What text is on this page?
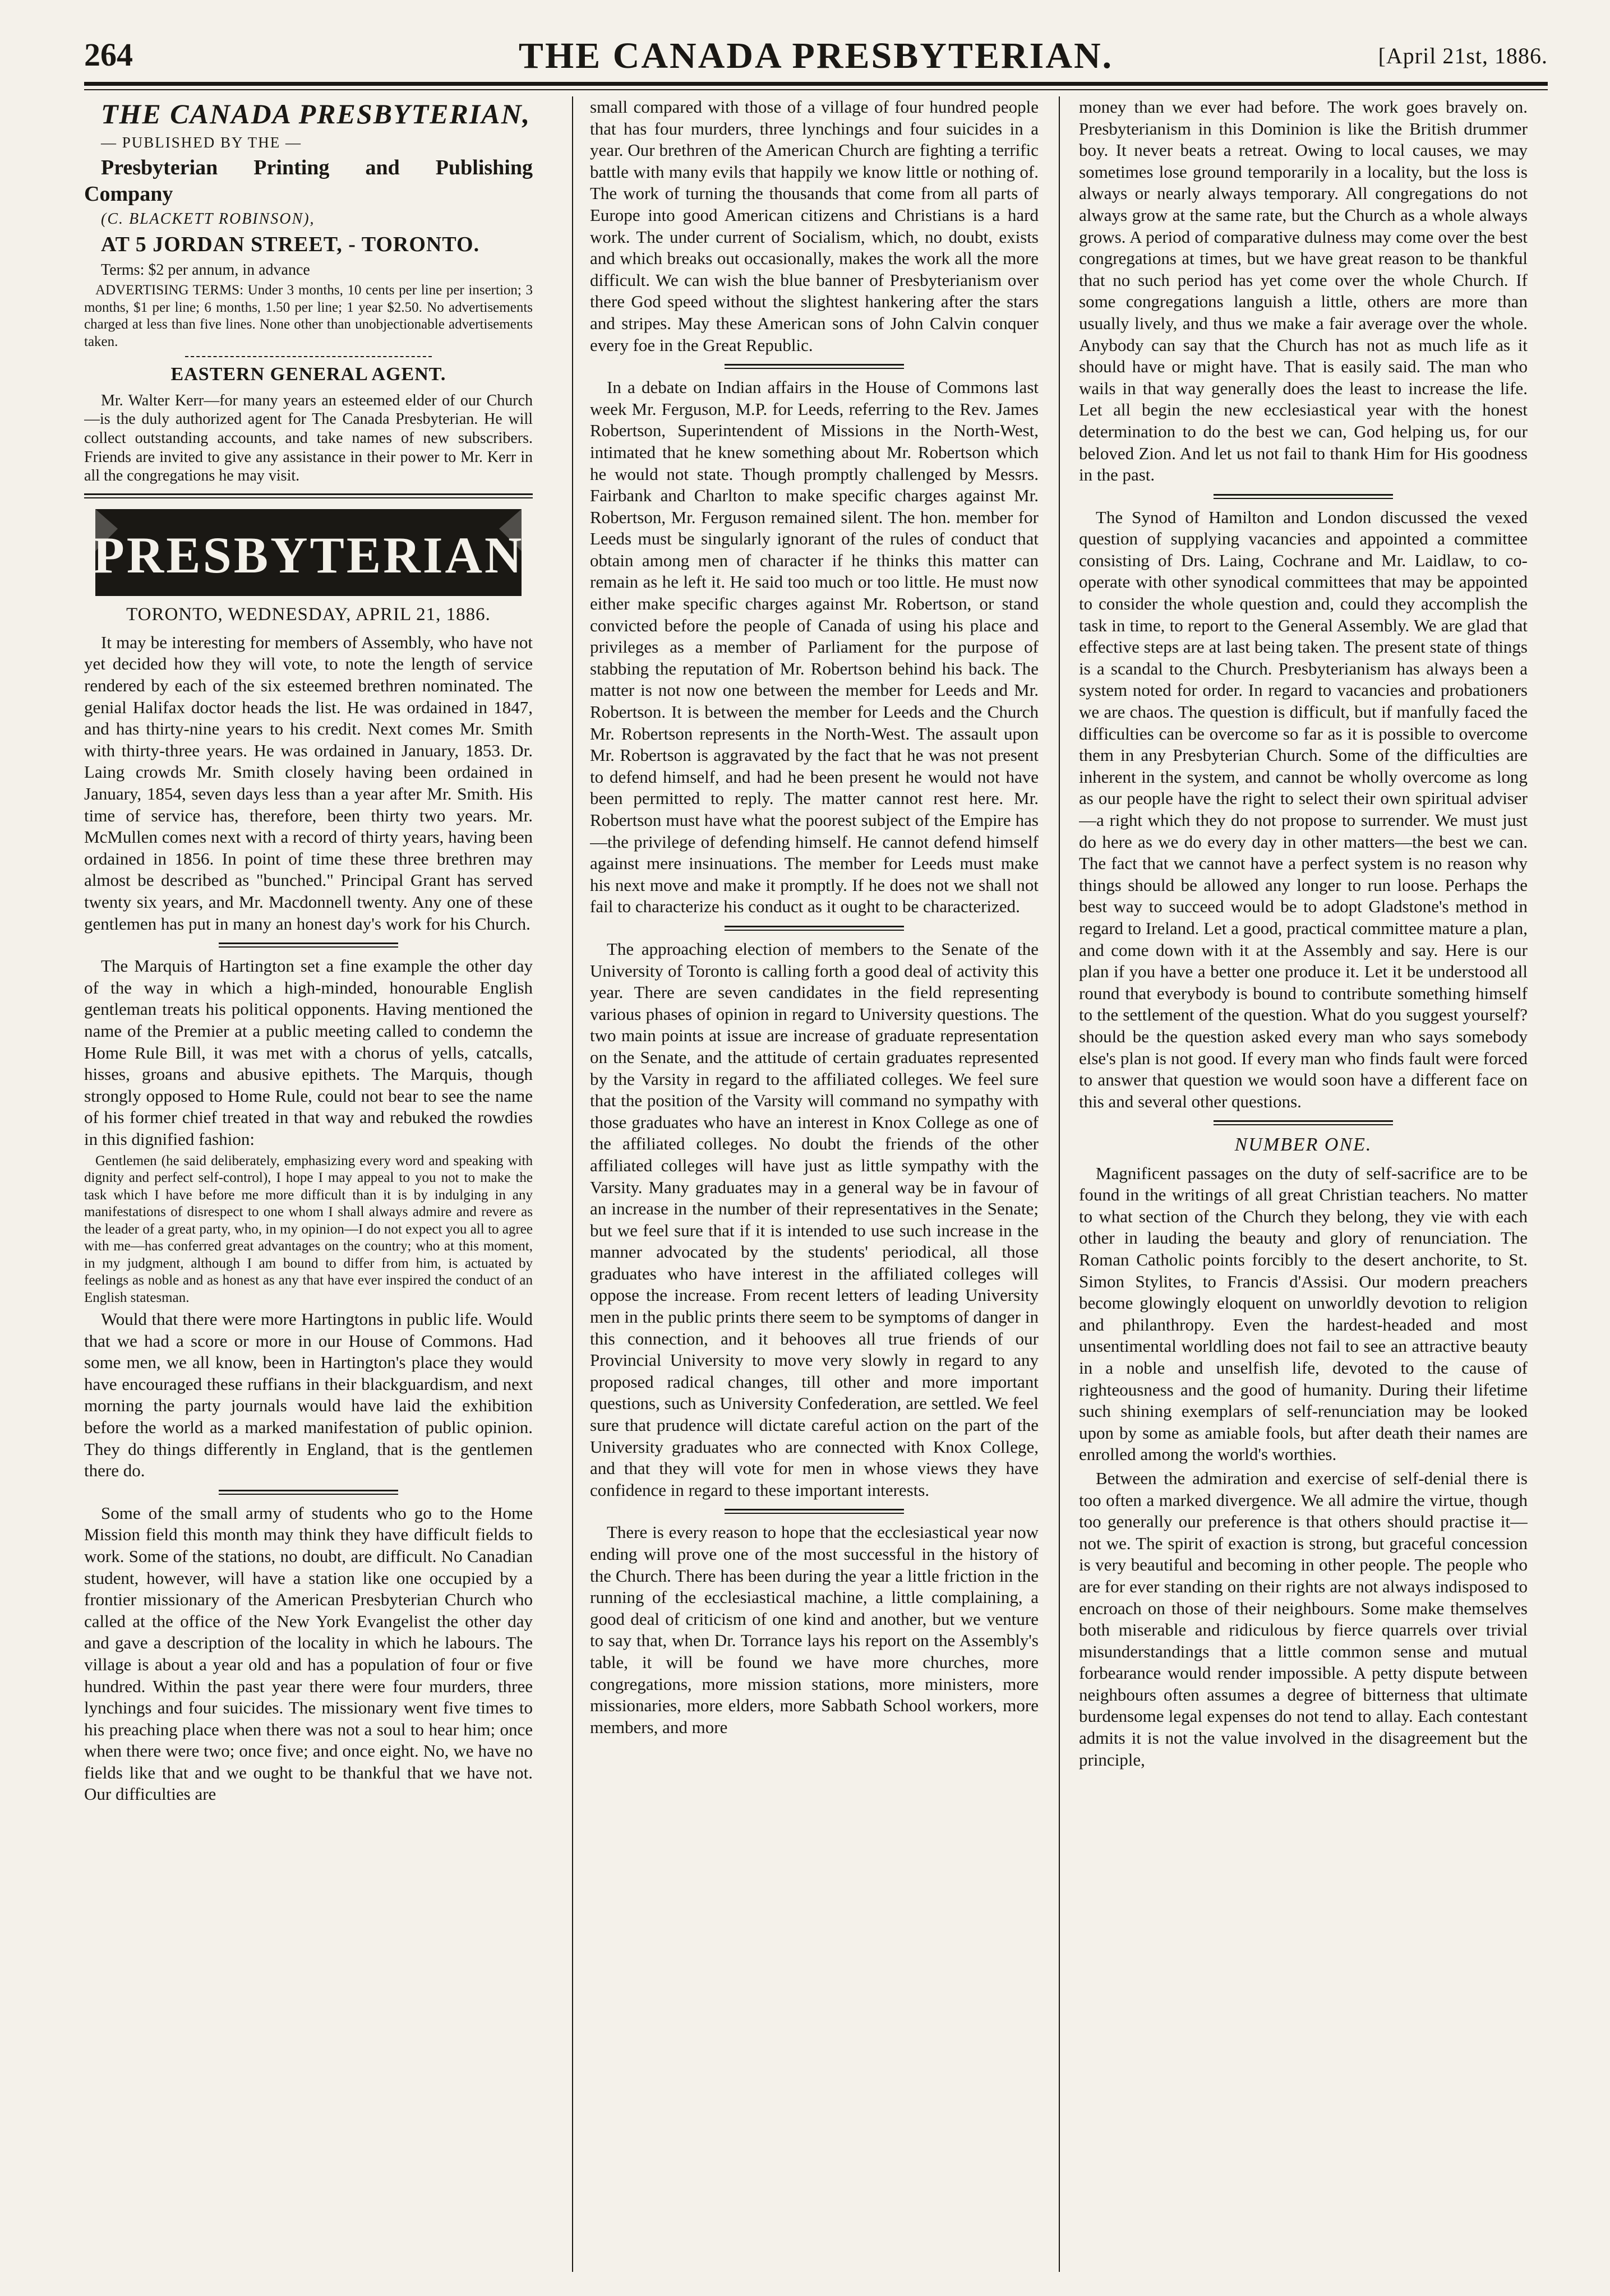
264	THE CANADA PRESBYTERIAN.	[April 21st, 1886.

THE CANADA PRESBYTERIAN,

— PUBLISHED BY THE —

Presbyterian Printing and Publishing Company

(C. BLACKETT ROBINSON),

AT 5 JORDAN STREET, - TORONTO.

Terms: $2 per annum, in advance

ADVERTISING TERMS: Under 3 months, 10 cents per line per insertion; 3 months, $1 per line; 6 months, 1.50 per line; 1 year $2.50. No advertisements charged at less than five lines. None other than unobjectionable advertisements taken.

EASTERN GENERAL AGENT.

Mr. Walter Kerr—for many years an esteemed elder of our Church—is the duly authorized agent for The Canada Presbyterian. He will collect outstanding accounts, and take names of new subscribers. Friends are invited to give any assistance in their power to Mr. Kerr in all the congregations he may visit.

PRESBYTERIAN
TORONTO, WEDNESDAY, APRIL 21, 1886.

It may be interesting for members of Assembly, who have not yet decided how they will vote, to note the length of service rendered by each of the six esteemed brethren nominated. The genial Halifax doctor heads the list. He was ordained in 1847, and has thirty-nine years to his credit. Next comes Mr. Smith with thirty-three years. He was ordained in January, 1853. Dr. Laing crowds Mr. Smith closely having been ordained in January, 1854, seven days less than a year after Mr. Smith. His time of service has, therefore, been thirty two years. Mr. McMullen comes next with a record of thirty years, having been ordained in 1856. In point of time these three brethren may almost be described as "bunched." Principal Grant has served twenty six years, and Mr. Macdonnell twenty. Any one of these gentlemen has put in many an honest day's work for his Church.

The Marquis of Hartington set a fine example the other day of the way in which a high-minded, honourable English gentleman treats his political opponents. Having mentioned the name of the Premier at a public meeting called to condemn the Home Rule Bill, it was met with a chorus of yells, catcalls, hisses, groans and abusive epithets. The Marquis, though strongly opposed to Home Rule, could not bear to see the name of his former chief treated in that way and rebuked the rowdies in this dignified fashion:

Gentlemen (he said deliberately, emphasizing every word and speaking with dignity and perfect self-control), I hope I may appeal to you not to make the task which I have before me more difficult than it is by indulging in any manifestations of disrespect to one whom I shall always admire and revere as the leader of a great party, who, in my opinion—I do not expect you all to agree with me—has conferred great advantages on the country; who at this moment, in my judgment, although I am bound to differ from him, is actuated by feelings as noble and as honest as any that have ever inspired the conduct of an English statesman.

Would that there were more Hartingtons in public life. Would that we had a score or more in our House of Commons. Had some men, we all know, been in Hartington's place they would have encouraged these ruffians in their blackguardism, and next morning the party journals would have laid the exhibition before the world as a marked manifestation of public opinion. They do things differently in England, that is the gentlemen there do.

Some of the small army of students who go to the Home Mission field this month may think they have difficult fields to work. Some of the stations, no doubt, are difficult. No Canadian student, however, will have a station like one occupied by a frontier missionary of the American Presbyterian Church who called at the office of the New York Evangelist the other day and gave a description of the locality in which he labours. The village is about a year old and has a population of four or five hundred. Within the past year there were four murders, three lynchings and four suicides. The missionary went five times to his preaching place when there was not a soul to hear him; once when there were two; once five; and once eight. No, we have no fields like that and we ought to be thankful that we have not. Our difficulties are

small compared with those of a village of four hundred people that has four murders, three lynchings and four suicides in a year. Our brethren of the American Church are fighting a terrific battle with many evils that happily we know little or nothing of. The work of turning the thousands that come from all parts of Europe into good American citizens and Christians is a hard work. The under current of Socialism, which, no doubt, exists and which breaks out occasionally, makes the work all the more difficult. We can wish the blue banner of Presbyterianism over there God speed without the slightest hankering after the stars and stripes. May these American sons of John Calvin conquer every foe in the Great Republic.

In a debate on Indian affairs in the House of Commons last week Mr. Ferguson, M.P. for Leeds, referring to the Rev. James Robertson, Superintendent of Missions in the North-West, intimated that he knew something about Mr. Robertson which he would not state. Though promptly challenged by Messrs. Fairbank and Charlton to make specific charges against Mr. Robertson, Mr. Ferguson remained silent. The hon. member for Leeds must be singularly ignorant of the rules of conduct that obtain among men of character if he thinks this matter can remain as he left it. He said too much or too little. He must now either make specific charges against Mr. Robertson, or stand convicted before the people of Canada of using his place and privileges as a member of Parliament for the purpose of stabbing the reputation of Mr. Robertson behind his back. The matter is not now one between the member for Leeds and Mr. Robertson. It is between the member for Leeds and the Church Mr. Robertson represents in the North-West. The assault upon Mr. Robertson is aggravated by the fact that he was not present to defend himself, and had he been present he would not have been permitted to reply. The matter cannot rest here. Mr. Robertson must have what the poorest subject of the Empire has—the privilege of defending himself. He cannot defend himself against mere insinuations. The member for Leeds must make his next move and make it promptly. If he does not we shall not fail to characterize his conduct as it ought to be characterized.

The approaching election of members to the Senate of the University of Toronto is calling forth a good deal of activity this year. There are seven candidates in the field representing various phases of opinion in regard to University questions. The two main points at issue are increase of graduate representation on the Senate, and the attitude of certain graduates represented by the Varsity in regard to the affiliated colleges. We feel sure that the position of the Varsity will command no sympathy with those graduates who have an interest in Knox College as one of the affiliated colleges. No doubt the friends of the other affiliated colleges will have just as little sympathy with the Varsity. Many graduates may in a general way be in favour of an increase in the number of their representatives in the Senate; but we feel sure that if it is intended to use such increase in the manner advocated by the students' periodical, all those graduates who have interest in the affiliated colleges will oppose the increase. From recent letters of leading University men in the public prints there seem to be symptoms of danger in this connection, and it behooves all true friends of our Provincial University to move very slowly in regard to any proposed radical changes, till other and more important questions, such as University Confederation, are settled. We feel sure that prudence will dictate careful action on the part of the University graduates who are connected with Knox College, and that they will vote for men in whose views they have confidence in regard to these important interests.

There is every reason to hope that the ecclesiastical year now ending will prove one of the most successful in the history of the Church. There has been during the year a little friction in the running of the ecclesiastical machine, a little complaining, a good deal of criticism of one kind and another, but we venture to say that, when Dr. Torrance lays his report on the Assembly's table, it will be found we have more churches, more congregations, more mission stations, more ministers, more missionaries, more elders, more Sabbath School workers, more members, and more

money than we ever had before. The work goes bravely on. Presbyterianism in this Dominion is like the British drummer boy. It never beats a retreat. Owing to local causes, we may sometimes lose ground temporarily in a locality, but the loss is always or nearly always temporary. All congregations do not always grow at the same rate, but the Church as a whole always grows. A period of comparative dulness may come over the best congregations at times, but we have great reason to be thankful that no such period has yet come over the whole Church. If some congregations languish a little, others are more than usually lively, and thus we make a fair average over the whole. Anybody can say that the Church has not as much life as it should have or might have. That is easily said. The man who wails in that way generally does the least to increase the life. Let all begin the new ecclesiastical year with the honest determination to do the best we can, God helping us, for our beloved Zion. And let us not fail to thank Him for His goodness in the past.

The Synod of Hamilton and London discussed the vexed question of supplying vacancies and appointed a committee consisting of Drs. Laing, Cochrane and Mr. Laidlaw, to co-operate with other synodical committees that may be appointed to consider the whole question and, could they accomplish the task in time, to report to the General Assembly. We are glad that effective steps are at last being taken. The present state of things is a scandal to the Church. Presbyterianism has always been a system noted for order. In regard to vacancies and probationers we are chaos. The question is difficult, but if manfully faced the difficulties can be overcome so far as it is possible to overcome them in any Presbyterian Church. Some of the difficulties are inherent in the system, and cannot be wholly overcome as long as our people have the right to select their own spiritual adviser—a right which they do not propose to surrender. We must just do here as we do every day in other matters—the best we can. The fact that we cannot have a perfect system is no reason why things should be allowed any longer to run loose. Perhaps the best way to succeed would be to adopt Gladstone's method in regard to Ireland. Let a good, practical committee mature a plan, and come down with it at the Assembly and say. Here is our plan if you have a better one produce it. Let it be understood all round that everybody is bound to contribute something himself to the settlement of the question. What do you suggest yourself? should be the question asked every man who says somebody else's plan is not good. If every man who finds fault were forced to answer that question we would soon have a different face on this and several other questions.

NUMBER ONE.

Magnificent passages on the duty of self-sacrifice are to be found in the writings of all great Christian teachers. No matter to what section of the Church they belong, they vie with each other in lauding the beauty and glory of renunciation. The Roman Catholic points forcibly to the desert anchorite, to St. Simon Stylites, to Francis d'Assisi. Our modern preachers become glowingly eloquent on unworldly devotion to religion and philanthropy. Even the hardest-headed and most unsentimental worldling does not fail to see an attractive beauty in a noble and unselfish life, devoted to the cause of righteousness and the good of humanity. During their lifetime such shining exemplars of self-renunciation may be looked upon by some as amiable fools, but after death their names are enrolled among the world's worthies.

Between the admiration and exercise of self-denial there is too often a marked divergence. We all admire the virtue, though too generally our preference is that others should practise it—not we. The spirit of exaction is strong, but graceful concession is very beautiful and becoming in other people. The people who are for ever standing on their rights are not always indisposed to encroach on those of their neighbours. Some make themselves both miserable and ridiculous by fierce quarrels over trivial misunderstandings that a little common sense and mutual forbearance would render impossible. A petty dispute between neighbours often assumes a degree of bitterness that ultimate burdensome legal expenses do not tend to allay. Each contestant admits it is not the value involved in the disagreement but the principle,
